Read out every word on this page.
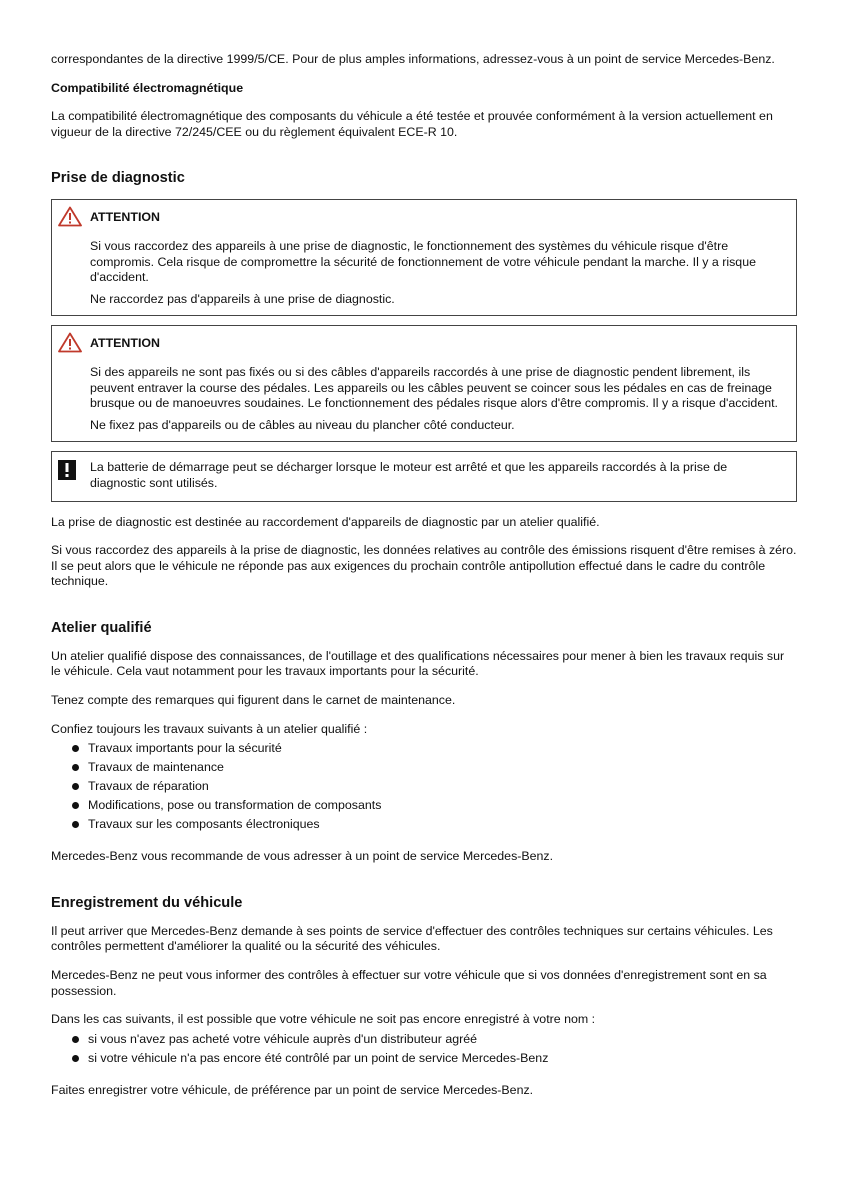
correspondantes de la directive 1999/5/CE. Pour de plus amples informations, adressez-vous à un point de service Mercedes-Benz.

Compatibilité électromagnétique

La compatibilité électromagnétique des composants du véhicule a été testée et prouvée conformément à la version actuellement en vigueur de la directive 72/245/CEE ou du règlement équivalent ECE-R 10.

Prise de diagnostic

ATTENTION

Si vous raccordez des appareils à une prise de diagnostic, le fonctionnement des systèmes du véhicule risque d'être compromis. Cela risque de compromettre la sécurité de fonctionnement de votre véhicule pendant la marche. Il y a risque d'accident.

Ne raccordez pas d'appareils à une prise de diagnostic.

ATTENTION

Si des appareils ne sont pas fixés ou si des câbles d'appareils raccordés à une prise de diagnostic pendent librement, ils peuvent entraver la course des pédales. Les appareils ou les câbles peuvent se coincer sous les pédales en cas de freinage brusque ou de manoeuvres soudaines. Le fonctionnement des pédales risque alors d'être compromis. Il y a risque d'accident.

Ne fixez pas d'appareils ou de câbles au niveau du plancher côté conducteur.

La batterie de démarrage peut se décharger lorsque le moteur est arrêté et que les appareils raccordés à la prise de diagnostic sont utilisés.

La prise de diagnostic est destinée au raccordement d'appareils de diagnostic par un atelier qualifié.

Si vous raccordez des appareils à la prise de diagnostic, les données relatives au contrôle des émissions risquent d'être remises à zéro. Il se peut alors que le véhicule ne réponde pas aux exigences du prochain contrôle antipollution effectué dans le cadre du contrôle technique.

Atelier qualifié

Un atelier qualifié dispose des connaissances, de l'outillage et des qualifications nécessaires pour mener à bien les travaux requis sur le véhicule. Cela vaut notamment pour les travaux importants pour la sécurité.

Tenez compte des remarques qui figurent dans le carnet de maintenance.

Confiez toujours les travaux suivants à un atelier qualifié :

Travaux importants pour la sécurité
Travaux de maintenance
Travaux de réparation
Modifications, pose ou transformation de composants
Travaux sur les composants électroniques

Mercedes-Benz vous recommande de vous adresser à un point de service Mercedes-Benz.

Enregistrement du véhicule

Il peut arriver que Mercedes-Benz demande à ses points de service d'effectuer des contrôles techniques sur certains véhicules. Les contrôles permettent d'améliorer la qualité ou la sécurité des véhicules.

Mercedes-Benz ne peut vous informer des contrôles à effectuer sur votre véhicule que si vos données d'enregistrement sont en sa possession.

Dans les cas suivants, il est possible que votre véhicule ne soit pas encore enregistré à votre nom :

si vous n'avez pas acheté votre véhicule auprès d'un distributeur agréé
si votre véhicule n'a pas encore été contrôlé par un point de service Mercedes-Benz

Faites enregistrer votre véhicule, de préférence par un point de service Mercedes-Benz.
